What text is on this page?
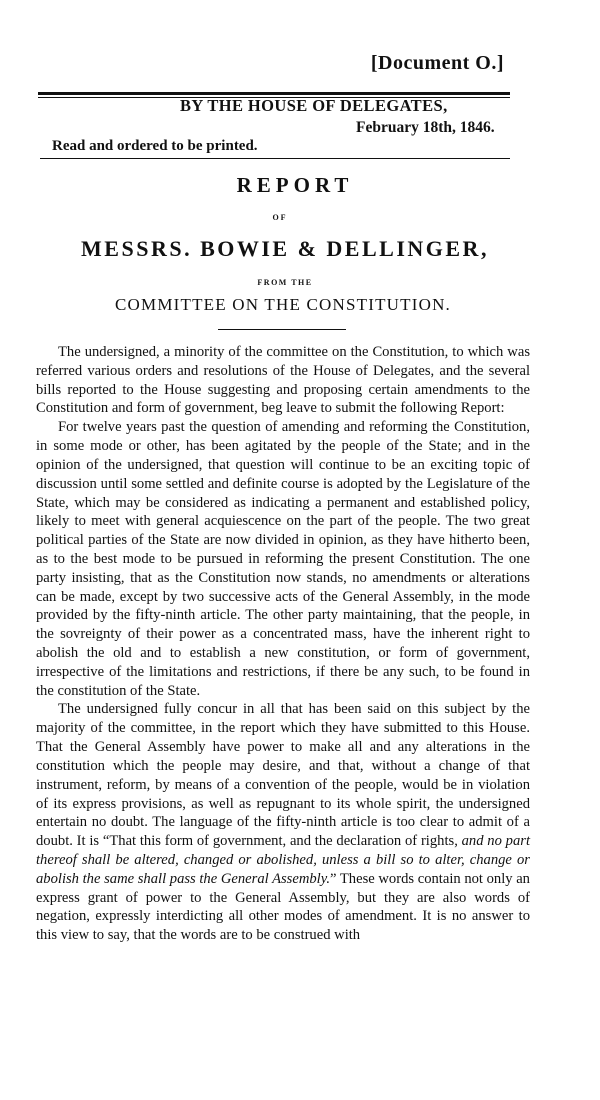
[Document O.]
BY THE HOUSE OF DELEGATES,
February 18th, 1846.
Read and ordered to be printed.
REPORT
OF
MESSRS. BOWIE & DELLINGER,
FROM THE
COMMITTEE ON THE CONSTITUTION.

The undersigned, a minority of the committee on the Constitution, to which was referred various orders and resolutions of the House of Delegates, and the several bills reported to the House suggesting and proposing certain amendments to the Constitution and form of government, beg leave to submit the following Report:

For twelve years past the question of amending and reforming the Constitution, in some mode or other, has been agitated by the people of the State; and in the opinion of the undersigned, that question will continue to be an exciting topic of discussion until some settled and definite course is adopted by the Legislature of the State, which may be considered as indicating a permanent and established policy, likely to meet with general acquiescence on the part of the people. The two great political parties of the State are now divided in opinion, as they have hitherto been, as to the best mode to be pursued in reforming the present Constitution. The one party insisting, that as the Constitution now stands, no amendments or alterations can be made, except by two successive acts of the General Assembly, in the mode provided by the fifty-ninth article. The other party maintaining, that the people, in the sovreignty of their power as a concentrated mass, have the inherent right to abolish the old and to establish a new constitution, or form of government, irrespective of the limitations and restrictions, if there be any such, to be found in the constitution of the State.

The undersigned fully concur in all that has been said on this subject by the majority of the committee, in the report which they have submitted to this House. That the General Assembly have power to make all and any alterations in the constitution which the people may desire, and that, without a change of that instrument, reform, by means of a convention of the people, would be in violation of its express provisions, as well as repugnant to its whole spirit, the undersigned entertain no doubt. The language of the fifty-ninth article is too clear to admit of a doubt. It is “That this form of government, and the declaration of rights, and no part thereof shall be altered, changed or abolished, unless a bill so to alter, change or abolish the same shall pass the General Assembly.” These words contain not only an express grant of power to the General Assembly, but they are also words of negation, expressly interdicting all other modes of amendment. It is no answer to this view to say, that the words are to be construed with
